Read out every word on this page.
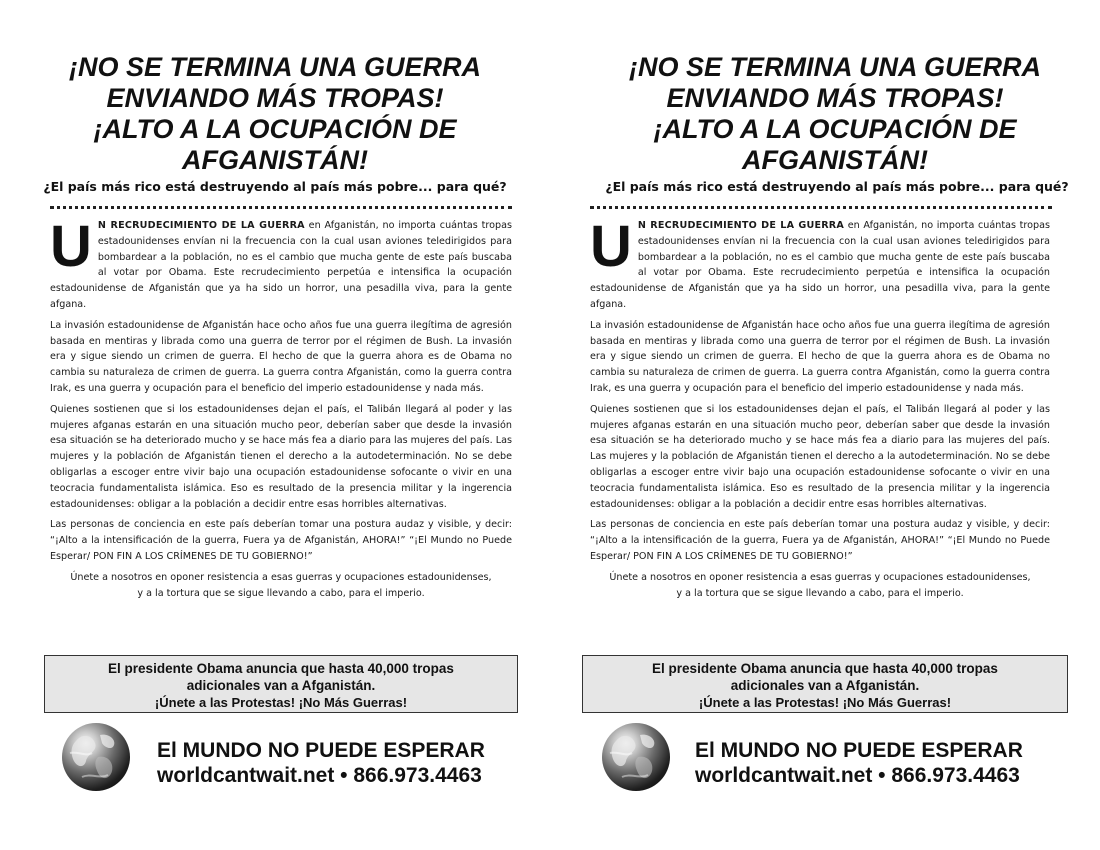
¡NO SE TERMINA UNA GUERRA
ENVIANDO MÁS TROPAS!
¡ALTO A LA OCUPACIÓN DE
AFGANISTÁN!
¿El país más rico está destruyendo al país más pobre... para qué?

U N RECRUDECIMIENTO DE LA GUERRA en Afganistán, no importa cuántas tropas estadounidenses envían ni la frecuencia con la cual usan aviones teledirigidos para bombardear a la población, no es el cambio que mucha gente de este país buscaba al votar por Obama. Este recrudecimiento perpetúa e intensifica la ocupación estadounidense de Afganistán que ya ha sido un horror, una pesadilla viva, para la gente afgana.

La invasión estadounidense de Afganistán hace ocho años fue una guerra ilegítima de agresión basada en mentiras y librada como una guerra de terror por el régimen de Bush. La invasión era y sigue siendo un crimen de guerra. El hecho de que la guerra ahora es de Obama no cambia su naturaleza de crimen de guerra. La guerra contra Afganistán, como la guerra contra Irak, es una guerra y ocupación para el beneficio del imperio estadounidense y nada más.

Quienes sostienen que si los estadounidenses dejan el país, el Talibán llegará al poder y las mujeres afganas estarán en una situación mucho peor, deberían saber que desde la invasión esa situación se ha deteriorado mucho y se hace más fea a diario para las mujeres del país. Las mujeres y la población de Afganistán tienen el derecho a la autodeterminación. No se debe obligarlas a escoger entre vivir bajo una ocupación estadounidense sofocante o vivir en una teocracia fundamentalista islámica. Eso es resultado de la presencia militar y la ingerencia estadounidenses: obligar a la población a decidir entre esas horribles alternativas.

Las personas de conciencia en este país deberían tomar una postura audaz y visible, y decir: “¡Alto a la intensificación de la guerra, Fuera ya de Afganistán, AHORA!” “¡El Mundo no Puede Esperar/ PON FIN A LOS CRÍMENES DE TU GOBIERNO!”

Únete a nosotros en oponer resistencia a esas guerras y ocupaciones estadounidenses,
y a la tortura que se sigue llevando a cabo, para el imperio.

El presidente Obama anuncia que hasta 40,000 tropas
adicionales van a Afganistán.
¡Únete a las Protestas! ¡No Más Guerras!
El MUNDO NO PUEDE ESPERAR
worldcantwait.net • 866.973.4463
¡NO SE TERMINA UNA GUERRA
ENVIANDO MÁS TROPAS!
¡ALTO A LA OCUPACIÓN DE
AFGANISTÁN!
¿El país más rico está destruyendo al país más pobre... para qué?

U N RECRUDECIMIENTO DE LA GUERRA en Afganistán, no importa cuántas tropas estadounidenses envían ni la frecuencia con la cual usan aviones teledirigidos para bombardear a la población, no es el cambio que mucha gente de este país buscaba al votar por Obama. Este recrudecimiento perpetúa e intensifica la ocupación estadounidense de Afganistán que ya ha sido un horror, una pesadilla viva, para la gente afgana.

La invasión estadounidense de Afganistán hace ocho años fue una guerra ilegítima de agresión basada en mentiras y librada como una guerra de terror por el régimen de Bush. La invasión era y sigue siendo un crimen de guerra. El hecho de que la guerra ahora es de Obama no cambia su naturaleza de crimen de guerra. La guerra contra Afganistán, como la guerra contra Irak, es una guerra y ocupación para el beneficio del imperio estadounidense y nada más.

Quienes sostienen que si los estadounidenses dejan el país, el Talibán llegará al poder y las mujeres afganas estarán en una situación mucho peor, deberían saber que desde la invasión esa situación se ha deteriorado mucho y se hace más fea a diario para las mujeres del país. Las mujeres y la población de Afganistán tienen el derecho a la autodeterminación. No se debe obligarlas a escoger entre vivir bajo una ocupación estadounidense sofocante o vivir en una teocracia fundamentalista islámica. Eso es resultado de la presencia militar y la ingerencia estadounidenses: obligar a la población a decidir entre esas horribles alternativas.

Las personas de conciencia en este país deberían tomar una postura audaz y visible, y decir: “¡Alto a la intensificación de la guerra, Fuera ya de Afganistán, AHORA!” “¡El Mundo no Puede Esperar/ PON FIN A LOS CRÍMENES DE TU GOBIERNO!”

Únete a nosotros en oponer resistencia a esas guerras y ocupaciones estadounidenses,
y a la tortura que se sigue llevando a cabo, para el imperio.

El presidente Obama anuncia que hasta 40,000 tropas
adicionales van a Afganistán.
¡Únete a las Protestas! ¡No Más Guerras!
El MUNDO NO PUEDE ESPERAR
worldcantwait.net • 866.973.4463
